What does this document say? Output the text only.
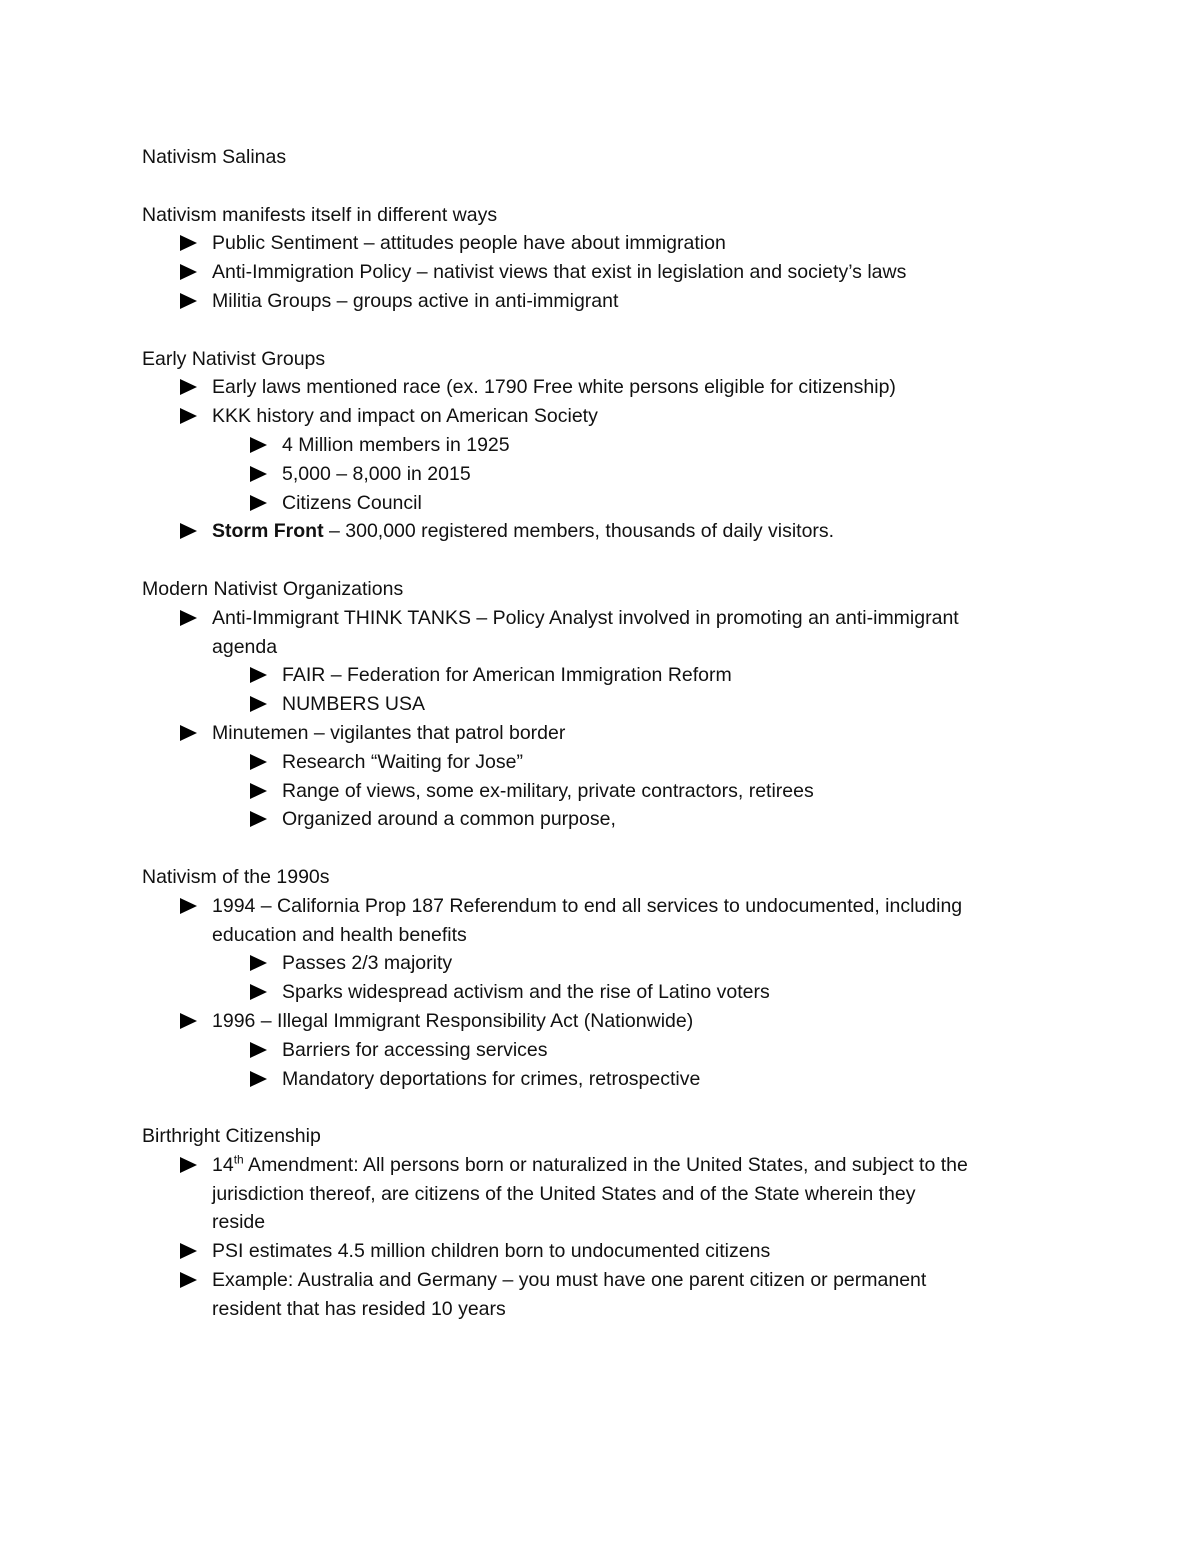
Nativism Salinas
Nativism manifests itself in different ways
Public Sentiment – attitudes people have about immigration
Anti-Immigration Policy – nativist views that exist in legislation and society’s laws
Militia Groups – groups active in anti-immigrant
Early Nativist Groups
Early laws mentioned race (ex. 1790 Free white persons eligible for citizenship)
KKK history and impact on American Society
4 Million members in 1925
5,000 – 8,000 in 2015
Citizens Council
Storm Front – 300,000 registered members, thousands of daily visitors.
Modern Nativist Organizations
Anti-Immigrant THINK TANKS – Policy Analyst involved in promoting an anti-immigrant
agenda
FAIR – Federation for American Immigration Reform
NUMBERS USA
Minutemen – vigilantes that patrol border
Research “Waiting for Jose”
Range of views, some ex-military, private contractors, retirees
Organized around a common purpose,
Nativism of the 1990s
1994 – California Prop 187 Referendum to end all services to undocumented, including
education and health benefits
Passes 2/3 majority
Sparks widespread activism and the rise of Latino voters
1996 – Illegal Immigrant Responsibility Act (Nationwide)
Barriers for accessing services
Mandatory deportations for crimes, retrospective
Birthright Citizenship
14th Amendment: All persons born or naturalized in the United States, and subject to the
jurisdiction thereof, are citizens of the United States and of the State wherein they
reside
PSI estimates 4.5 million children born to undocumented citizens
Example: Australia and Germany – you must have one parent citizen or permanent
resident that has resided 10 years
